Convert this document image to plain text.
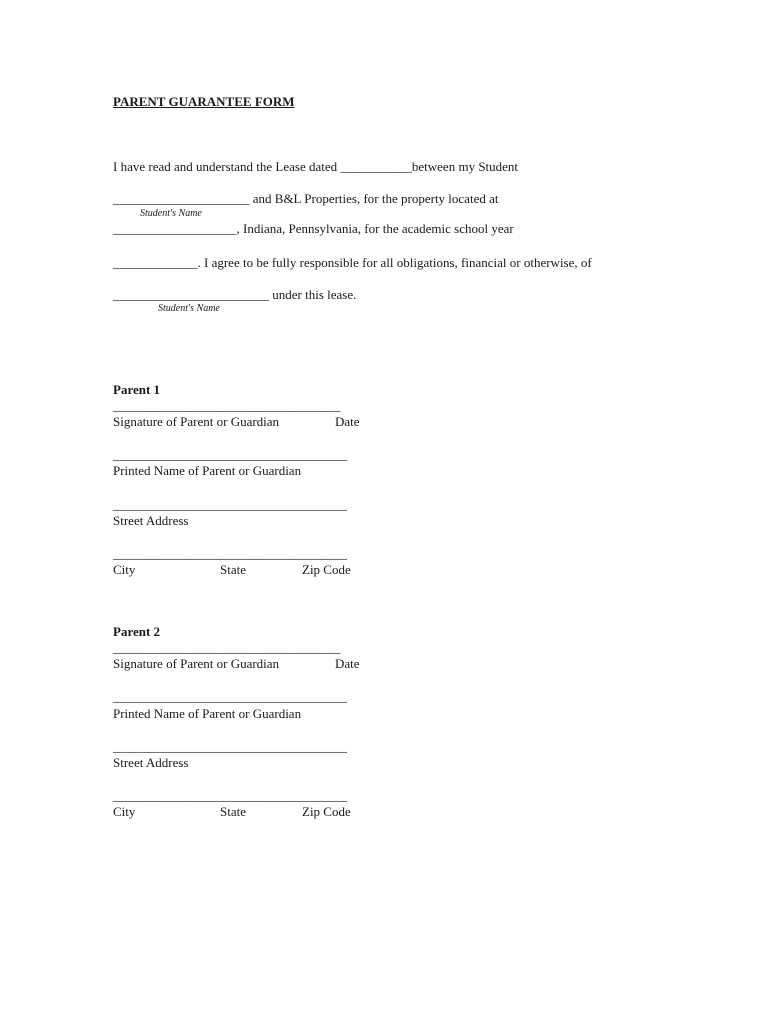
PARENT GUARANTEE FORM
I have read and understand the Lease dated ___________between my Student
_____________________ and B&L Properties, for the property located at
Student's Name
___________________, Indiana, Pennsylvania, for the academic school year
_____________. I agree to be fully responsible for all obligations, financial or otherwise, of
________________________ under this lease.
Student's Name
Parent 1
___________________________________
Signature of Parent or Guardian	Date
____________________________________
Printed Name of Parent or Guardian
____________________________________
Street Address
____________________________________
City	State	Zip Code
Parent 2
___________________________________
Signature of Parent or Guardian	Date
____________________________________
Printed Name of Parent or Guardian
____________________________________
Street Address
____________________________________
City	State	Zip Code
